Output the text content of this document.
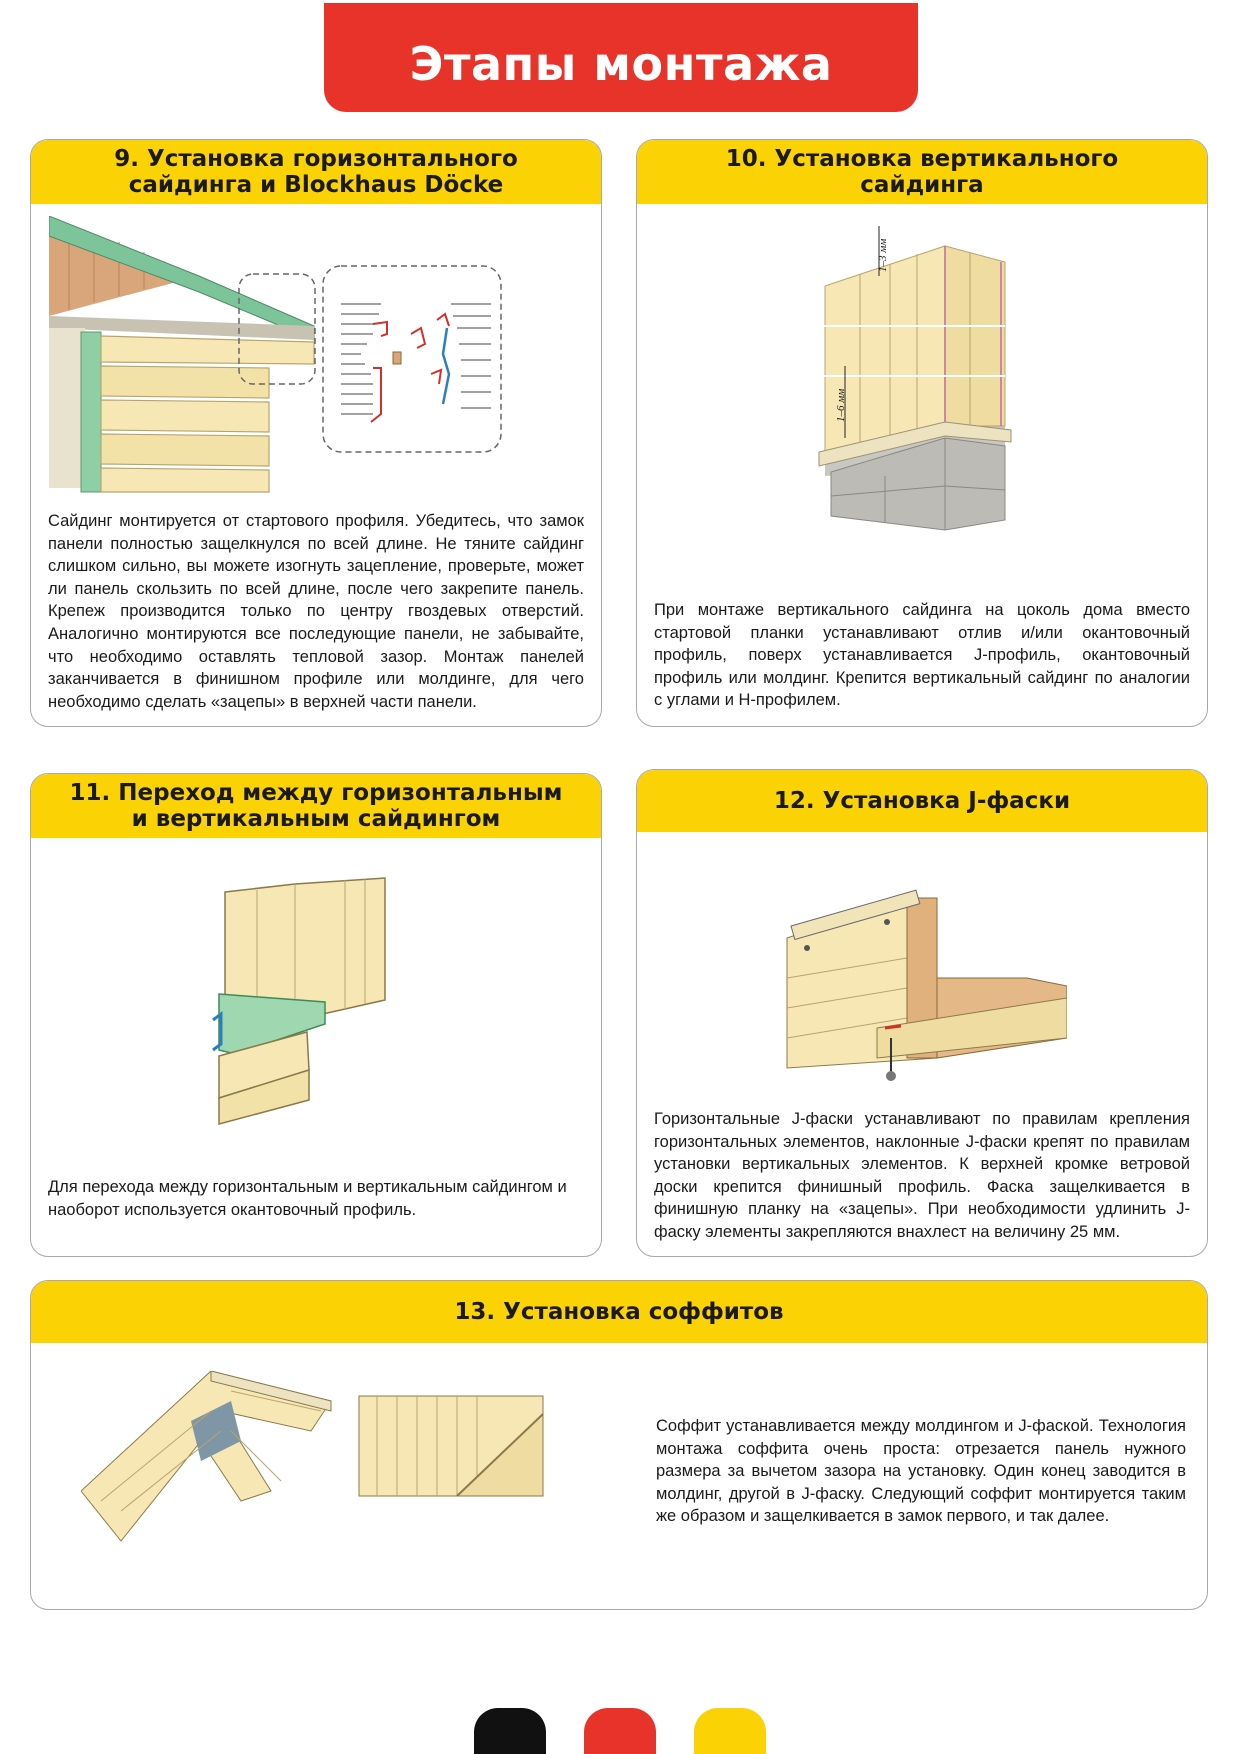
Этапы монтажа
9. Установка горизонтального
сайдинга и Blockhaus Döcke
Сайдинг монтируется от стартового профиля. Убедитесь, что замок панели полностью защелкнулся по всей длине. Не тяните сайдинг слишком сильно, вы можете изогнуть зацепление, проверьте, может ли панель скользить по всей длине, после чего закрепите панель. Крепеж производится только по центру гвоздевых отверстий. Аналогично монтируются все последующие панели, не забывайте, что необходимо оставлять тепловой зазор. Монтаж панелей заканчивается в финишном профиле или молдинге, для чего необходимо сделать «зацепы» в верхней части панели.
10. Установка вертикального
сайдинга
1–3 мм
1–6 мм
При монтаже вертикального сайдинга на цоколь дома вместо стартовой планки устанавливают отлив и/или окантовочный профиль, поверх устанавливается J-профиль, окантовочный профиль или молдинг. Крепится вертикальный сайдинг по аналогии с углами и Н-профилем.
11. Переход между горизонтальным
и вертикальным сайдингом
Для перехода между горизонтальным и вертикальным сайдингом и наоборот используется окантовочный профиль.
12. Установка J-фаски
Горизонтальные J-фаски устанавливают по правилам крепления горизонтальных элементов, наклонные J-фаски крепят по правилам установки вертикальных элементов. К верхней кромке ветровой доски крепится финишный профиль. Фаска защелкивается в финишную планку на «зацепы». При необходимости удлинить J-фаску элементы закрепляются внахлест на величину 25 мм.
13. Установка соффитов
Соффит устанавливается между молдингом и J-фаской. Технология монтажа соффита очень проста: отрезается панель нужного размера за вычетом зазора на установку. Один конец заводится в молдинг, другой в J-фаску. Следующий соффит монтируется таким же образом и защелкивается в замок первого, и так далее.
